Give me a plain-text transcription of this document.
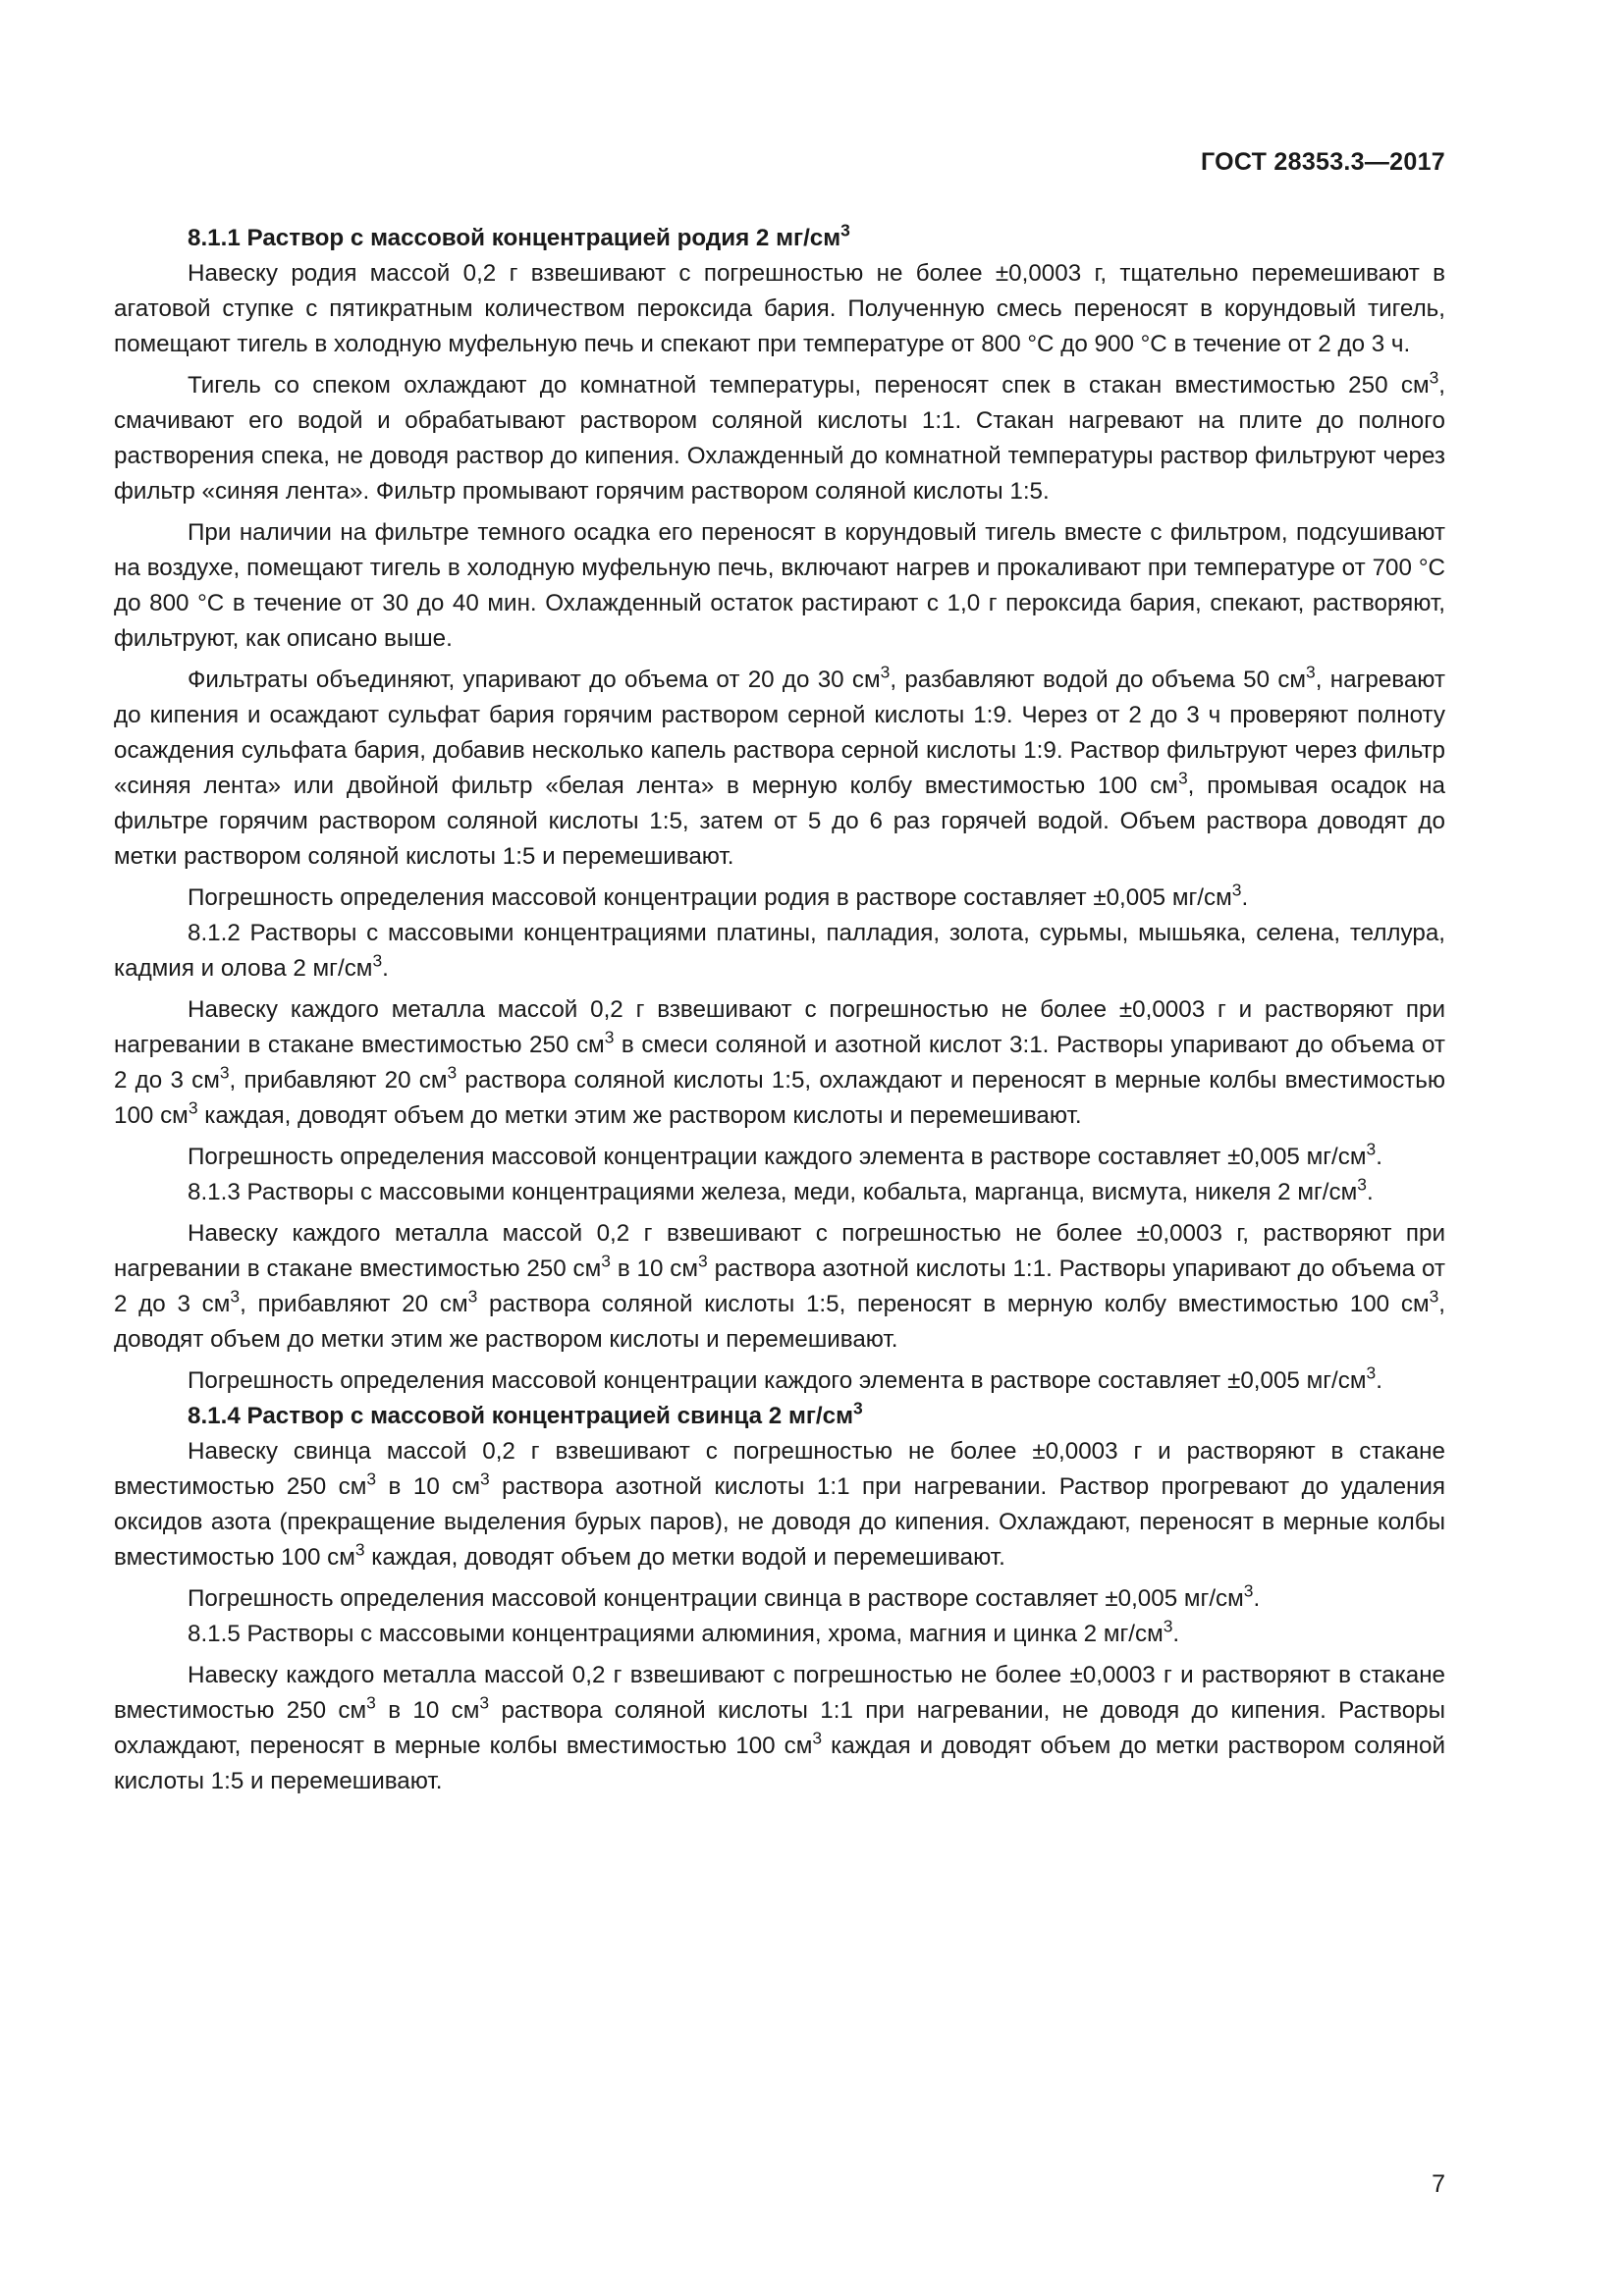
ГОСТ 28353.3—2017
8.1.1 Раствор с массовой концентрацией родия 2 $мг/см^3$

Навеску родия массой 0,2 г взвешивают с погрешностью не более ±0,0003 г, тщательно перемешивают в агатовой ступке с пятикратным количеством пероксида бария. Полученную смесь переносят в корундовый тигель, помещают тигель в холодную муфельную печь и спекают при температуре от 800 °С до 900 °С в течение от 2 до 3 ч.

Тигель со спеком охлаждают до комнатной температуры, переносят спек в стакан вместимостью 250 $см^3$, смачивают его водой и обрабатывают раствором соляной кислоты 1:1. Стакан нагревают на плите до полного растворения спека, не доводя раствор до кипения. Охлажденный до комнатной температуры раствор фильтруют через фильтр «синяя лента». Фильтр промывают горячим раствором соляной кислоты 1:5.

При наличии на фильтре темного осадка его переносят в корундовый тигель вместе с фильтром, подсушивают на воздухе, помещают тигель в холодную муфельную печь, включают нагрев и прокаливают при температуре от 700 °С до 800 °С в течение от 30 до 40 мин. Охлажденный остаток растирают с 1,0 г пероксида бария, спекают, растворяют, фильтруют, как описано выше.

Фильтраты объединяют, упаривают до объема от 20 до 30 $см^3$, разбавляют водой до объема 50 $см^3$, нагревают до кипения и осаждают сульфат бария горячим раствором серной кислоты 1:9. Через от 2 до 3 ч проверяют полноту осаждения сульфата бария, добавив несколько капель раствора серной кислоты 1:9. Раствор фильтруют через фильтр «синяя лента» или двойной фильтр «белая лента» в мерную колбу вместимостью 100 $см^3$, промывая осадок на фильтре горячим раствором соляной кислоты 1:5, затем от 5 до 6 раз горячей водой. Объем раствора доводят до метки раствором соляной кислоты 1:5 и перемешивают.

Погрешность определения массовой концентрации родия в растворе составляет ±0,005 $мг/см^3$.

8.1.2 Растворы с массовыми концентрациями платины, палладия, золота, сурьмы, мышьяка, селена, теллура, кадмия и олова 2 $мг/см^3$.

Навеску каждого металла массой 0,2 г взвешивают с погрешностью не более ±0,0003 г и растворяют при нагревании в стакане вместимостью 250 $см^3$ в смеси соляной и азотной кислот 3:1. Растворы упаривают до объема от 2 до 3 $см^3$, прибавляют 20 $см^3$ раствора соляной кислоты 1:5, охлаждают и переносят в мерные колбы вместимостью 100 $см^3$ каждая, доводят объем до метки этим же раствором кислоты и перемешивают.

Погрешность определения массовой концентрации каждого элемента в растворе составляет ±0,005 $мг/см^3$.

8.1.3 Растворы с массовыми концентрациями железа, меди, кобальта, марганца, висмута, никеля 2 $мг/см^3$.

Навеску каждого металла массой 0,2 г взвешивают с погрешностью не более ±0,0003 г, растворяют при нагревании в стакане вместимостью 250 $см^3$ в 10 $см^3$ раствора азотной кислоты 1:1. Растворы упаривают до объема от 2 до 3 $см^3$, прибавляют 20 $см^3$ раствора соляной кислоты 1:5, переносят в мерную колбу вместимостью 100 $см^3$, доводят объем до метки этим же раствором кислоты и перемешивают.

Погрешность определения массовой концентрации каждого элемента в растворе составляет ±0,005 $мг/см^3$.

8.1.4 Раствор с массовой концентрацией свинца 2 $мг/см^3$

Навеску свинца массой 0,2 г взвешивают с погрешностью не более ±0,0003 г и растворяют в стакане вместимостью 250 $см^3$ в 10 $см^3$ раствора азотной кислоты 1:1 при нагревании. Раствор прогревают до удаления оксидов азота (прекращение выделения бурых паров), не доводя до кипения. Охлаждают, переносят в мерные колбы вместимостью 100 $см^3$ каждая, доводят объем до метки водой и перемешивают.

Погрешность определения массовой концентрации свинца в растворе составляет ±0,005 $мг/см^3$.

8.1.5 Растворы с массовыми концентрациями алюминия, хрома, магния и цинка 2 $мг/см^3$.

Навеску каждого металла массой 0,2 г взвешивают с погрешностью не более ±0,0003 г и растворяют в стакане вместимостью 250 $см^3$ в 10 $см^3$ раствора соляной кислоты 1:1 при нагревании, не доводя до кипения. Растворы охлаждают, переносят в мерные колбы вместимостью 100 $см^3$ каждая и доводят объем до метки раствором соляной кислоты 1:5 и перемешивают.

7
